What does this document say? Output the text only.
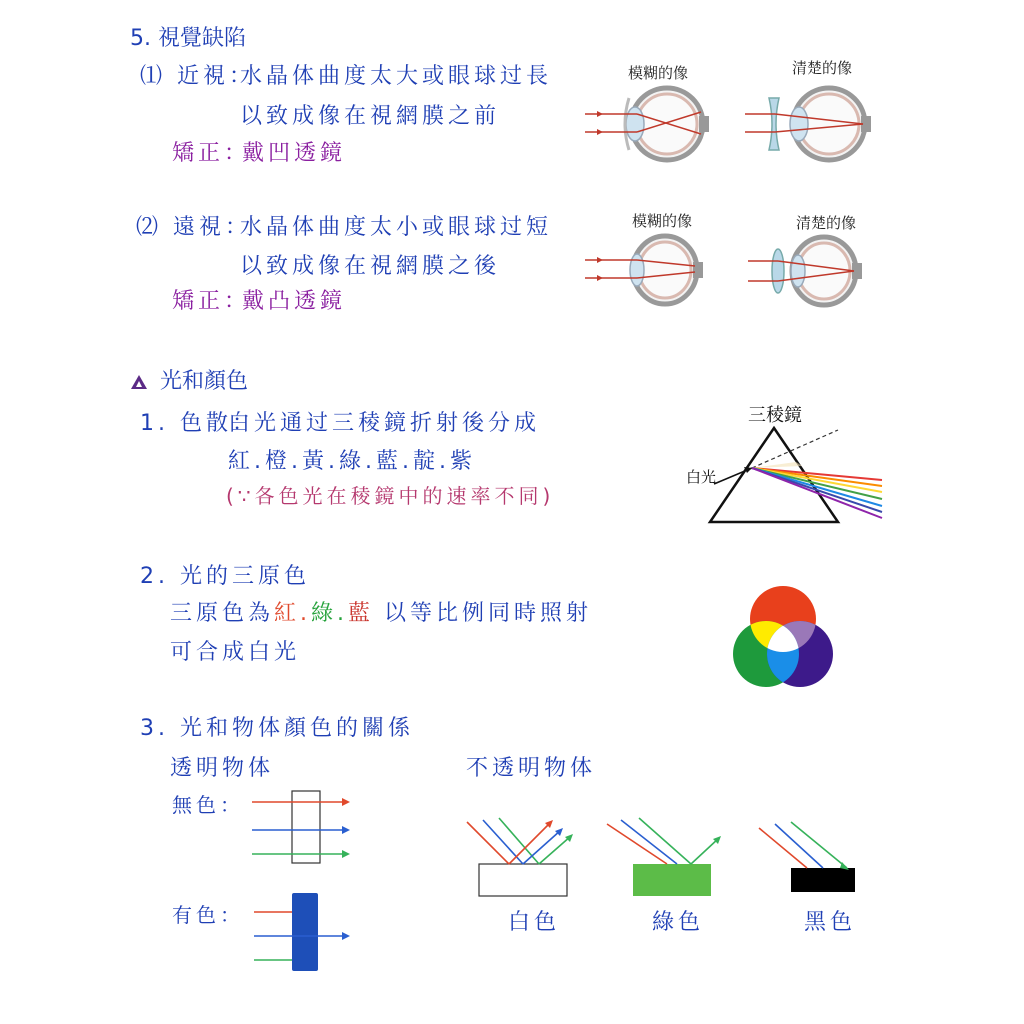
5. 視覺缺陷
⑴ 近視：
水晶体曲度太大或眼球过長
以致成像在視網膜之前
矯正：
戴凹透鏡
模糊的像	清楚的像
⑵ 遠視：
水晶体曲度太小或眼球过短
以致成像在視網膜之後
矯正：
戴凸透鏡
模糊的像	清楚的像
光和顏色
1. 色散：
白光通过三稜鏡折射後分成
紅.橙.黃.綠.藍.靛.紫
(∵各色光在稜鏡中的速率不同)
三稜鏡
白光
2. 光的三原色
三原色為紅.綠.藍 以等比例同時照射
可合成白光
3. 光和物体顏色的關係
透明物体	不透明物体
無色：
有色：	白色	綠色	黑色
